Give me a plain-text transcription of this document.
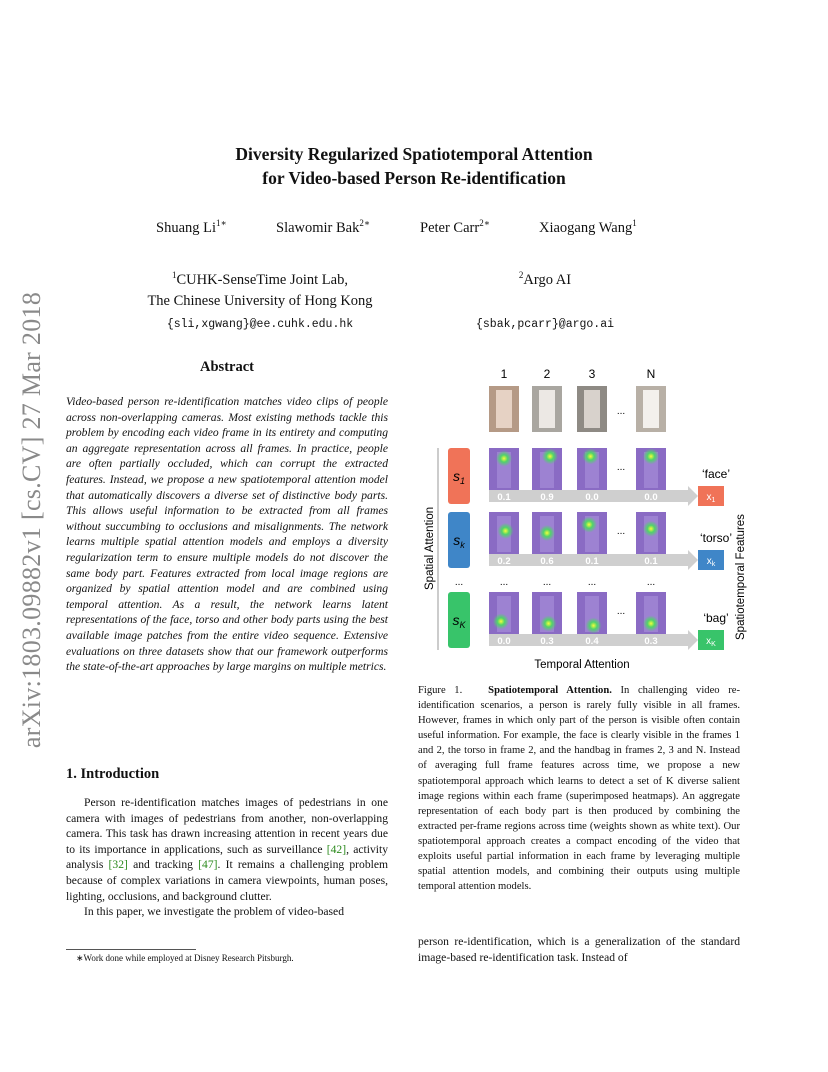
arXiv:1803.09882v1 [cs.CV] 27 Mar 2018
Diversity Regularized Spatiotemporal Attention
for Video-based Person Re-identification
Shuang $Li^{1∗}$	Slawomir Bak$^{2∗}$	Peter Carr$^{2∗}$	Xiaogang Wang$^1$
$^1$CUHK-SenseTime Joint Lab,
The Chinese University of Hong Kong
{sli,xgwang}@ee.cuhk.edu.hk
$^2$Argo AI
{sbak,pcarr}@argo.ai
Abstract
Video-based person re-identification matches video clips of people across non-overlapping cameras. Most existing methods tackle this problem by encoding each video frame in its entirety and computing an aggregate representation across all frames. In practice, people are often partially occluded, which can corrupt the extracted features. Instead, we propose a new spatiotemporal attention model that automatically discovers a diverse set of distinctive body parts. This allows useful information to be extracted from all frames without succumbing to occlusions and misalignments. The network learns multiple spatial attention models and employs a diversity regularization term to ensure multiple models do not discover the same body part. Features extracted from local image regions are organized by spatial attention model and are combined using temporal attention. As a result, the network learns latent representations of the face, torso and other body parts using the best available image patches from the entire video sequence. Extensive evaluations on three datasets show that our framework outperforms the state-of-the-art approaches by large margins on multiple metrics.
1. Introduction

Person re-identification matches images of pedestrians in one camera with images of pedestrians from another, non-overlapping camera. This task has drawn increasing attention in recent years due to its importance in applications, such as surveillance [42], activity analysis [32] and tracking [47]. It remains a challenging problem because of complex variations in camera viewpoints, human poses, lighting, occlusions, and background clutter.

In this paper, we investigate the problem of video-based

∗Work done while employed at Disney Research Pitsburgh.
1	2	3	N
...
Spatial Attention
$s_1$
0.1	0.9	0.0	0.0
...	‘face’
$x_1$
$s_k$
0.2	0.6	0.1	0.1
...	‘torso’
$x_k$
$s_K$
0.0	0.3	0.4	0.3
...	‘bag’
$x_K$
...	...	...	...	...
Temporal Attention
Spatiotemporal Features
Figure 1. Spatiotemporal Attention. In challenging video re-identification scenarios, a person is rarely fully visible in all frames. However, frames in which only part of the person is visible often contain useful information. For example, the face is clearly visible in the frames 1 and 2, the torso in frame 2, and the handbag in frames 2, 3 and N. Instead of averaging full frame features across time, we propose a new spatiotemporal approach which learns to detect a set of K diverse salient image regions within each frame (superimposed heatmaps). An aggregate representation of each body part is then produced by combining the extracted per-frame regions across time (weights shown as white text). Our spatiotemporal approach creates a compact encoding of the video that exploits useful partial information in each frame by leveraging multiple spatial attention models, and combining their outputs using multiple temporal attention models.
person re-identification, which is a generalization of the standard image-based re-identification task. Instead of
